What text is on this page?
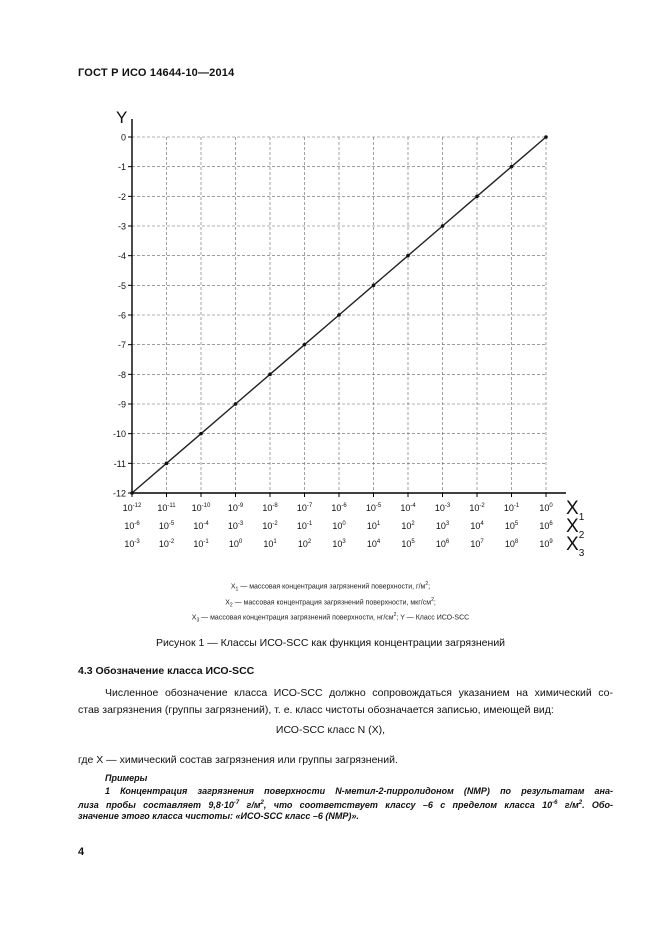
ГОСТ Р ИСО 14644-10—2014
0
-1
-2
-3
-4
-5
-6
-7
-8
-9
-10
-11
-12
Y
$10^{-12}$ $10^{-11}$ $10^{-10}$ $10^{-9}$ $10^{-8}$ $10^{-7}$ $10^{-6}$ $10^{-5}$ $10^{-4}$ $10^{-3}$ $10^{-2}$ $10^{-1}$ $10^0$ $X_1$
$10^{-6}$ $10^{-5}$ $10^{-4}$ $10^{-3}$ $10^{-2}$ $10^{-1}$ $10^0$ $10^1$ $10^2$ $10^3$ $10^4$ $10^5$ $10^6$ $X_2$
$10^{-3}$ $10^{-2}$ $10^{-1}$ $10^0$ $10^1$ $10^2$ $10^3$ $10^4$ $10^5$ $10^6$ $10^7$ $10^8$ $10^9$ $X_3$
$X_1$ — массовая концентрация загрязнений поверхности, $г/м^2$;
$X_2$ — массовая концентрация загрязнений поверхности, мкг/$см^2$;
$X_3$ — массовая концентрация загрязнений поверхности, $нг/см^2$; Y — Класс ИСО-SCC
Рисунок 1 — Классы ИСО-SCC как функция концентрации загрязнений
4.3 Обозначение класса ИСО-SCC
Численное обозначение класса ИСО-SCC должно сопровождаться указанием на химический со-
став загрязнения (группы загрязнений), т. е. класс чистоты обозначается записью, имеющей вид:
ИСО-SCC класс N (X),
где X — химический состав загрязнения или группы загрязнений.
Примеры
1 Концентрация загрязнения поверхности N-метил-2-пирролидоном (NMP) по результатам ана-
лиза пробы составляет $9,8\cdot 10^{-7}$ $г/м^2$, что соответствует классу –6 с пределом класса $10^{-6}$ $г/м^2$. Обо-
значение этого класса чистоты: «ИСО-SCC класс –6 (NMP)».
4
